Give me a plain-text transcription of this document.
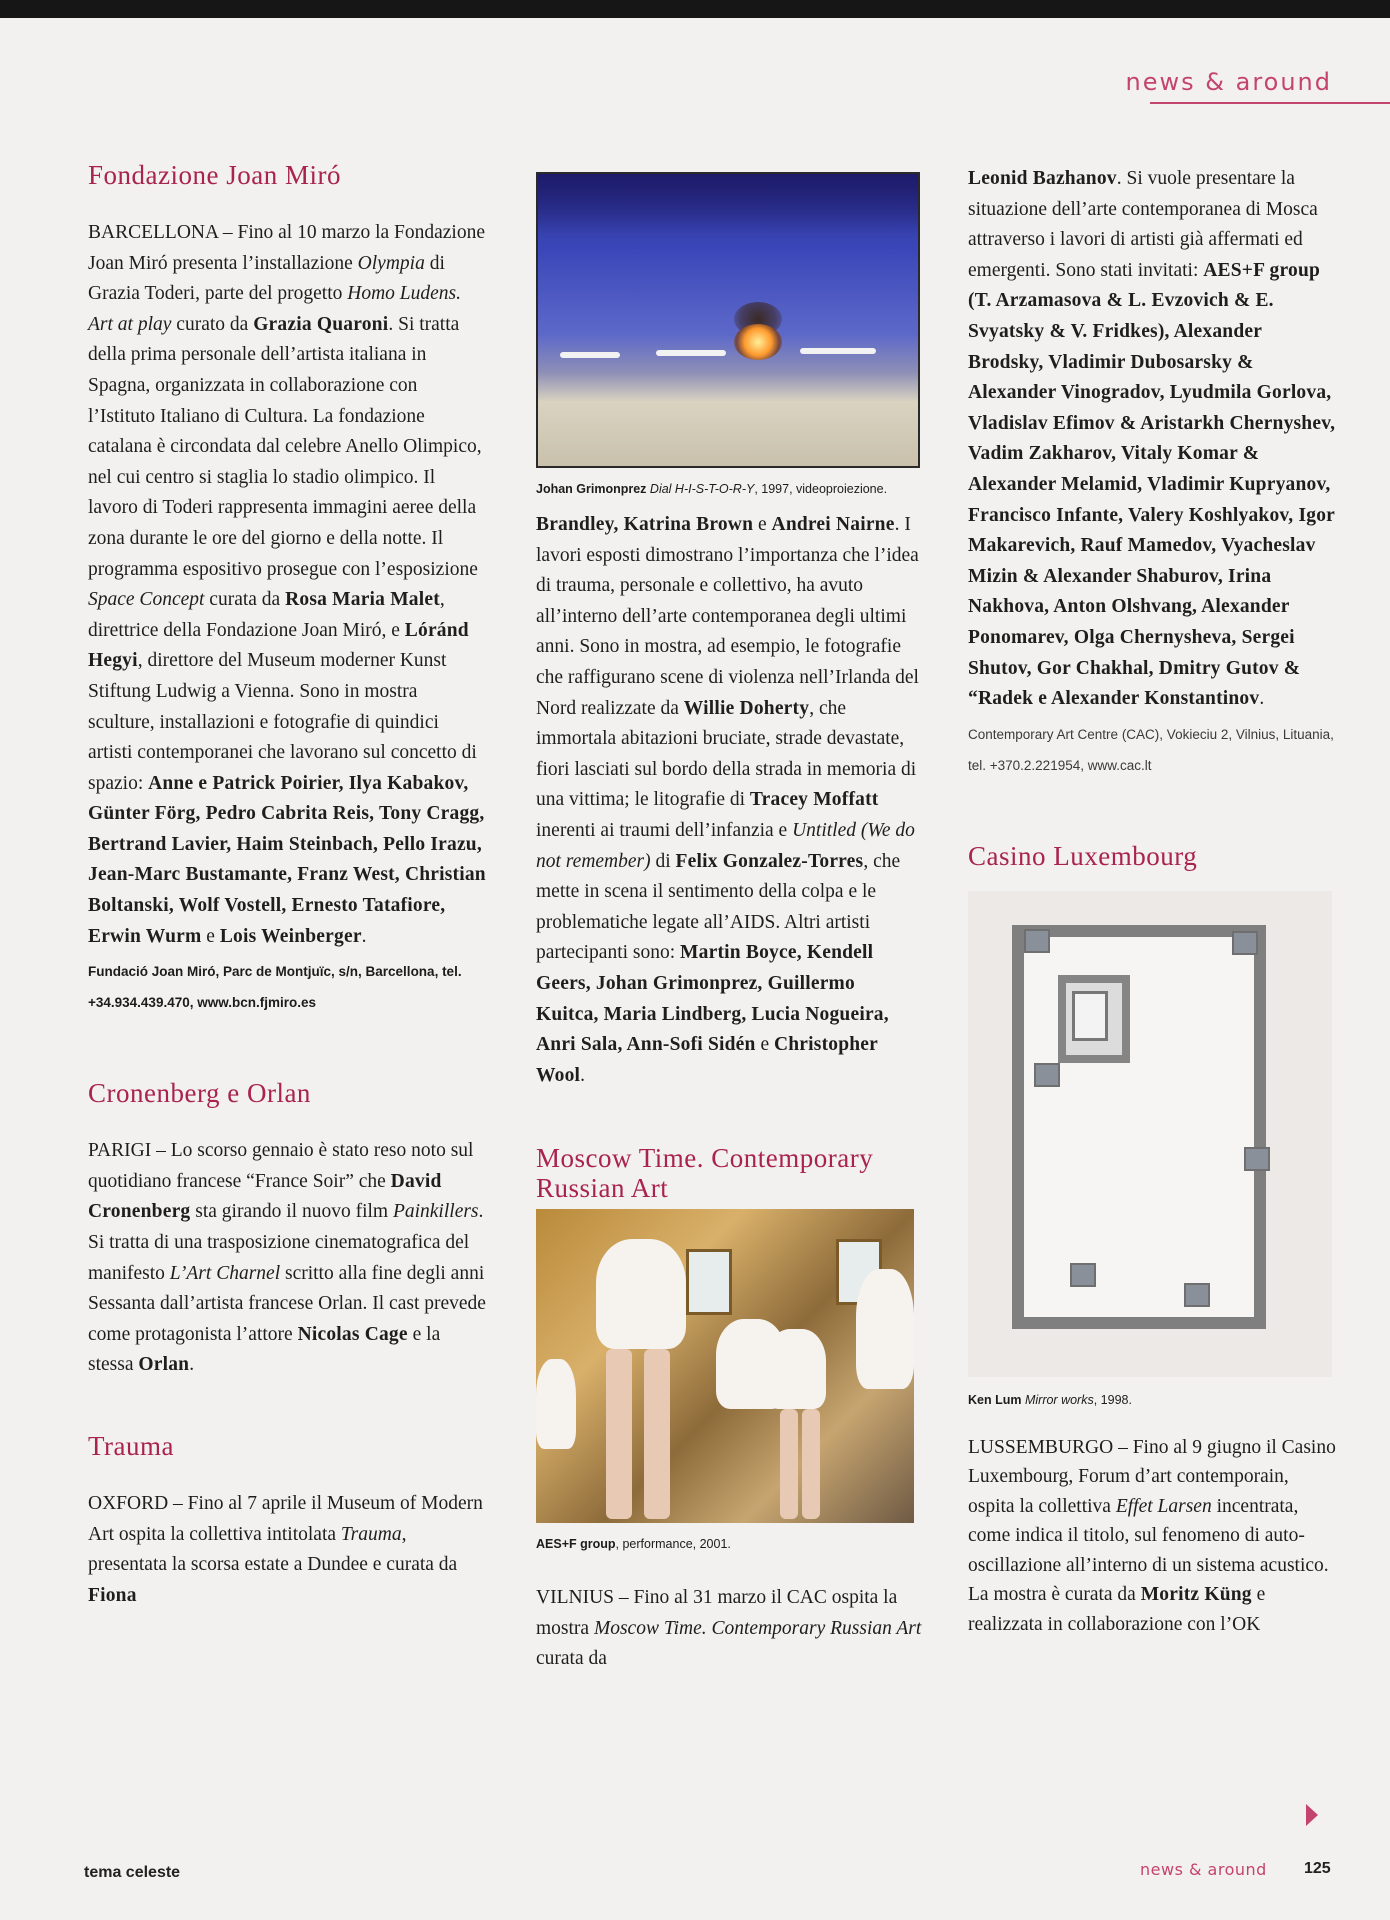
news & around
Fondazione Joan Miró

BARCELLONA – Fino al 10 marzo la Fondazione Joan Miró presenta l’installazione Olympia di Grazia Toderi, parte del progetto Homo Ludens. Art at play curato da Grazia Quaroni. Si tratta della prima personale dell’artista italiana in Spagna, organizzata in collaborazione con l’Istituto Italiano di Cultura. La fondazione catalana è circondata dal celebre Anello Olimpico, nel cui centro si staglia lo stadio olimpico. Il lavoro di Toderi rappresenta immagini aeree della zona durante le ore del giorno e della notte. Il programma espositivo prosegue con l’esposizione Space Concept curata da Rosa Maria Malet, direttrice della Fondazione Joan Miró, e Lóránd Hegyi, direttore del Museum moderner Kunst Stiftung Ludwig a Vienna. Sono in mostra sculture, installazioni e fotografie di quindici artisti contemporanei che lavorano sul concetto di spazio: Anne e Patrick Poirier, Ilya Kabakov, Günter Förg, Pedro Cabrita Reis, Tony Cragg, Bertrand Lavier, Haim Steinbach, Pello Irazu, Jean-Marc Bustamante, Franz West, Christian Boltanski, Wolf Vostell, Ernesto Tatafiore, Erwin Wurm e Lois Weinberger.

Fundació Joan Miró, Parc de Montjuïc, s/n, Barcellona, tel. +34.934.439.470, www.bcn.fjmiro.es

Cronenberg e Orlan

PARIGI – Lo scorso gennaio è stato reso noto sul quotidiano francese “France Soir” che David Cronenberg sta girando il nuovo film Painkillers. Si tratta di una trasposizione cinematografica del manifesto L’Art Charnel scritto alla fine degli anni Sessanta dall’artista francese Orlan. Il cast prevede come protagonista l’attore Nicolas Cage e la stessa Orlan.

Trauma

OXFORD – Fino al 7 aprile il Museum of Modern Art ospita la collettiva intitolata Trauma, presentata la scorsa estate a Dundee e curata da Fiona

Johan Grimonprez Dial H-I-S-T-O-R-Y, 1997, videoproiezione.

Brandley, Katrina Brown e Andrei Nairne. I lavori esposti dimostrano l’importanza che l’idea di trauma, personale e collettivo, ha avuto all’interno dell’arte contemporanea degli ultimi anni. Sono in mostra, ad esempio, le fotografie che raffigurano scene di violenza nell’Irlanda del Nord realizzate da Willie Doherty, che immortala abitazioni bruciate, strade devastate, fiori lasciati sul bordo della strada in memoria di una vittima; le litografie di Tracey Moffatt inerenti ai traumi dell’infanzia e Untitled (We do not remember) di Felix Gonzalez-Torres, che mette in scena il sentimento della colpa e le problematiche legate all’AIDS. Altri artisti partecipanti sono: Martin Boyce, Kendell Geers, Johan Grimonprez, Guillermo Kuitca, Maria Lindberg, Lucia Nogueira, Anri Sala, Ann-Sofi Sidén e Christopher Wool.

Moscow Time. Contemporary Russian Art
AES+F group, performance, 2001.

VILNIUS – Fino al 31 marzo il CAC ospita la mostra Moscow Time. Contemporary Russian Art curata da

Leonid Bazhanov. Si vuole presentare la situazione dell’arte contemporanea di Mosca attraverso i lavori di artisti già affermati ed emergenti. Sono stati invitati: AES+F group (T. Arzamasova & L. Evzovich & E. Svyatsky & V. Fridkes), Alexander Brodsky, Vladimir Dubosarsky & Alexander Vinogradov, Lyudmila Gorlova, Vladislav Efimov & Aristarkh Chernyshev, Vadim Zakharov, Vitaly Komar & Alexander Melamid, Vladimir Kupryanov, Francisco Infante, Valery Koshlyakov, Igor Makarevich, Rauf Mamedov, Vyacheslav Mizin & Alexander Shaburov, Irina Nakhova, Anton Olshvang, Alexander Ponomarev, Olga Chernysheva, Sergei Shutov, Gor Chakhal, Dmitry Gutov & “Radek e Alexander Konstantinov.

Contemporary Art Centre (CAC), Vokieciu 2, Vilnius, Lituania, tel. +370.2.221954, www.cac.lt

Casino Luxembourg
Ken Lum Mirror works, 1998.

LUSSEMBURGO – Fino al 9 giugno il Casino Luxembourg, Forum d’art contemporain, ospita la collettiva Effet Larsen incentrata, come indica il titolo, sul fenomeno di auto-oscillazione all’interno di un sistema acustico.
La mostra è curata da Moritz Küng e realizzata in collaborazione con l’OK

tema celeste	news & around 125
